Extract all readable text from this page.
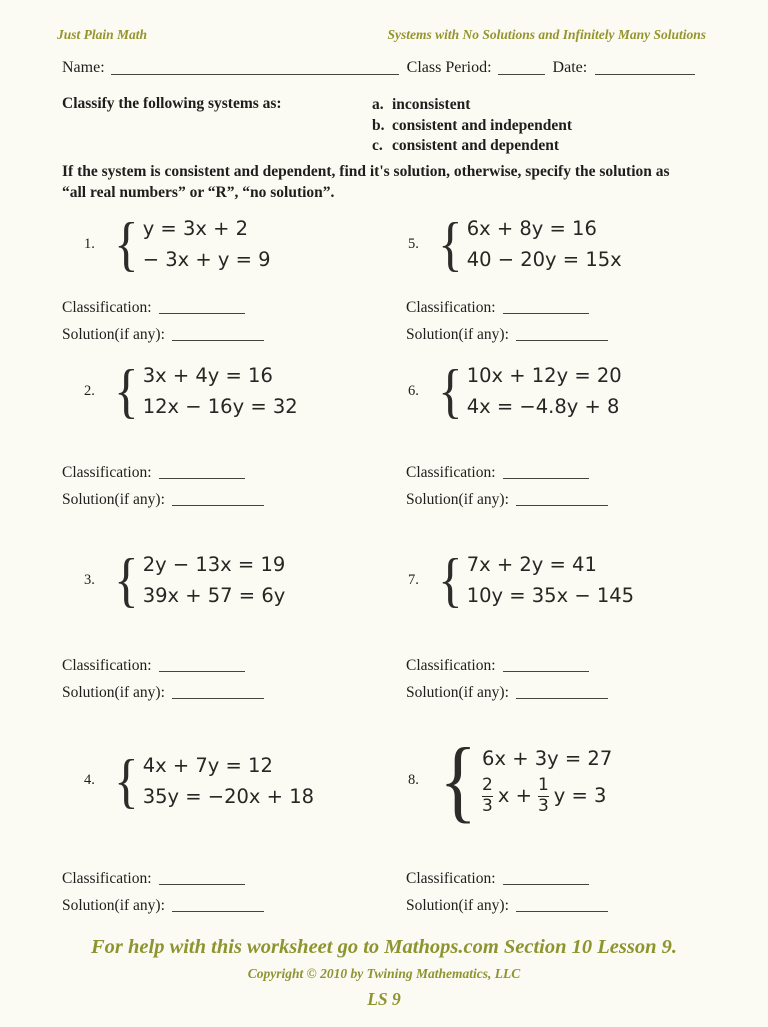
Just Plain Math	Systems with No Solutions and Infinitely Many Solutions
Name:	Class Period:	Date:
Classify the following systems as:	a. inconsistent
b. consistent and independent
c. consistent and dependent
If the system is consistent and dependent, find it's solution, otherwise, specify the solution as
“all real numbers” or “R”, “no solution”.
1. { y = 3x + 2
− 3x + y = 9
5. { 6x + 8y = 16
40 − 20y = 15x
Classification:
Solution(if any):
Classification:
Solution(if any):
2. { 3x + 4y = 16
12x − 16y = 32
6. { 10x + 12y = 20
4x = −4.8y + 8
Classification:
Solution(if any):
Classification:
Solution(if any):
3. { 2y − 13x = 19
39x + 57 = 6y
7. { 7x + 2y = 41
10y = 35x − 145
Classification:
Solution(if any):
Classification:
Solution(if any):
4. { 4x + 7y = 12
35y = −20x + 18
8. { 6x + 3y = 27
$\frac{2}{3}$ $x + \frac{1}{3}$ y = 3
Classification:
Solution(if any):
Classification:
Solution(if any):
For help with this worksheet go to Mathops.com Section 10 Lesson 9.
Copyright © 2010 by Twining Mathematics, LLC
LS 9
